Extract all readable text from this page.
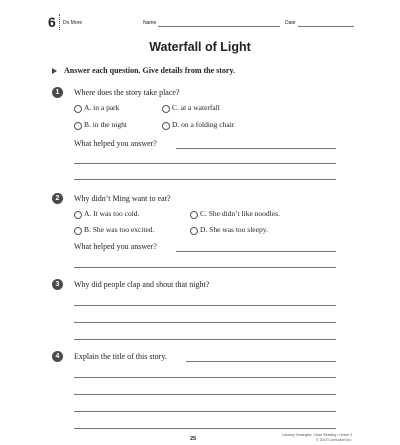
6 Do More	Name	Date
Waterfall of Light
Answer each question. Give details from the story.
1	Where does the story take place?
A. in a park	C. at a waterfall
B. in the night	D. on a folding chair
What helped you answer?
2	Why didn’t Ming want to eat?
A. It was too cold.	C. She didn’t like noodles.
B. She was too excited.	D. She was too sleepy.
What helped you answer?
3	Why did people clap and shout that night?
4	Explain the title of this story.
25
Literacy Strategies: Close Reading • Grade 3
© 2019 Curriculum Inc.
